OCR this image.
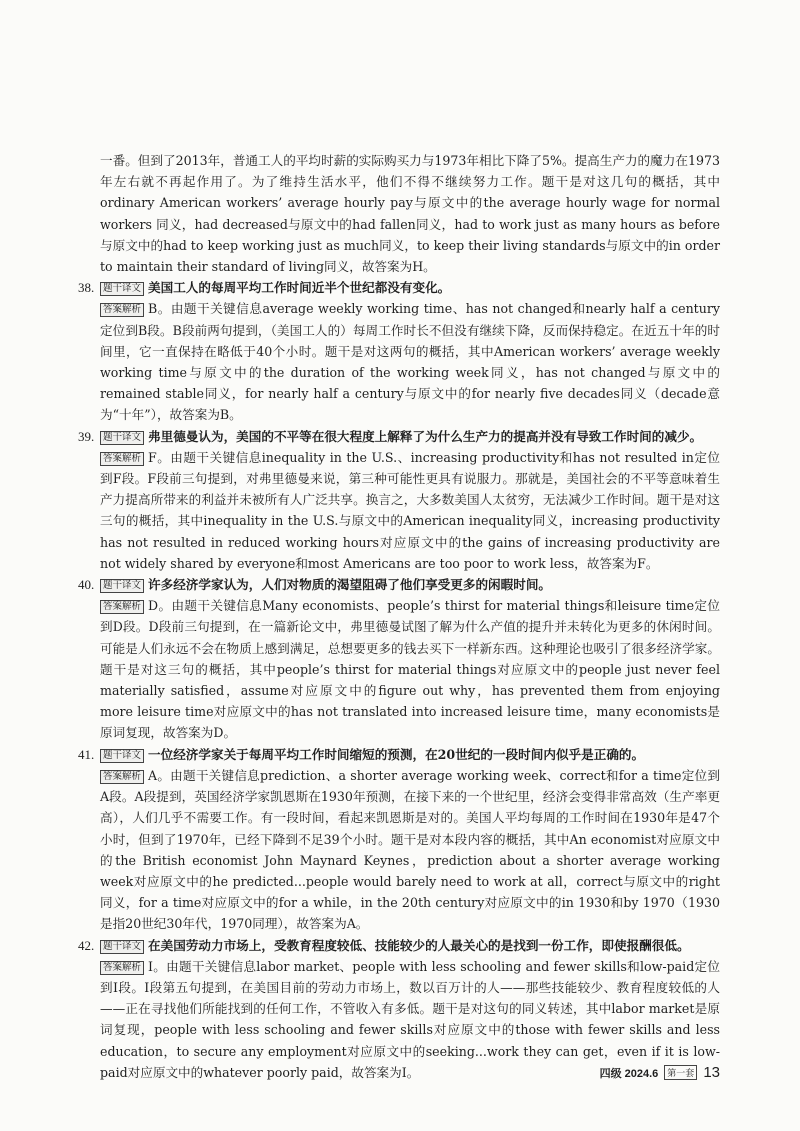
一番。但到了2013年，普通工人的平均时薪的实际购买力与1973年相比下降了5%。提高生产力的魔力在1973年左右就不再起作用了。为了维持生活水平，他们不得不继续努力工作。题干是对这几句的概括，其中ordinary American workers’ average hourly pay与原文中的the average hourly wage for normal workers 同义，had decreased与原文中的had fallen同义，had to work just as many hours as before与原文中的had to keep working just as much同义，to keep their living standards与原文中的in order to maintain their standard of living同义，故答案为H。

38. 题干译文 美国工人的每周平均工作时间近半个世纪都没有变化。

答案解析 B。由题干关键信息average weekly working time、has not changed和nearly half a century定位到B段。B段前两句提到，（美国工人的）每周工作时长不但没有继续下降，反而保持稳定。在近五十年的时间里，它一直保持在略低于40个小时。题干是对这两句的概括，其中American workers’ average weekly working time与原文中的the duration of the working week同义，has not changed与原文中的remained stable同义，for nearly half a century与原文中的for nearly five decades同义（decade意为“十年”），故答案为B。

39. 题干译文 弗里德曼认为，美国的不平等在很大程度上解释了为什么生产力的提高并没有导致工作时间的减少。

答案解析 F。由题干关键信息inequality in the U.S.、increasing productivity和has not resulted in定位到F段。F段前三句提到，对弗里德曼来说，第三种可能性更具有说服力。那就是，美国社会的不平等意味着生产力提高所带来的利益并未被所有人广泛共享。换言之，大多数美国人太贫穷，无法减少工作时间。题干是对这三句的概括，其中inequality in the U.S.与原文中的American inequality同义，increasing productivity has not resulted in reduced working hours对应原文中的the gains of increasing productivity are not widely shared by everyone和most Americans are too poor to work less，故答案为F。

40. 题干译文 许多经济学家认为，人们对物质的渴望阻碍了他们享受更多的闲暇时间。

答案解析 D。由题干关键信息Many economists、people’s thirst for material things和leisure time定位到D段。D段前三句提到，在一篇新论文中，弗里德曼试图了解为什么产值的提升并未转化为更多的休闲时间。可能是人们永远不会在物质上感到满足，总想要更多的钱去买下一样新东西。这种理论也吸引了很多经济学家。题干是对这三句的概括，其中people’s thirst for material things对应原文中的people just never feel materially satisfied，assume对应原文中的figure out why，has prevented them from enjoying more leisure time对应原文中的has not translated into increased leisure time，many economists是原词复现，故答案为D。

41. 题干译文 一位经济学家关于每周平均工作时间缩短的预测，在20世纪的一段时间内似乎是正确的。

答案解析 A。由题干关键信息prediction、a shorter average working week、correct和for a time定位到A段。A段提到，英国经济学家凯恩斯在1930年预测，在接下来的一个世纪里，经济会变得非常高效（生产率更高），人们几乎不需要工作。有一段时间，看起来凯恩斯是对的。美国人平均每周的工作时间在1930年是47个小时，但到了1970年，已经下降到不足39个小时。题干是对本段内容的概括，其中An economist对应原文中的the British economist John Maynard Keynes，prediction about a shorter average working week对应原文中的he predicted...people would barely need to work at all，correct与原文中的right同义，for a time对应原文中的for a while，in the 20th century对应原文中的in 1930和by 1970（1930是指20世纪30年代，1970同理），故答案为A。

42. 题干译文 在美国劳动力市场上，受教育程度较低、技能较少的人最关心的是找到一份工作，即使报酬很低。

答案解析 I。由题干关键信息labor market、people with less schooling and fewer skills和low-paid定位到I段。I段第五句提到，在美国目前的劳动力市场上，数以百万计的人——那些技能较少、教育程度较低的人——正在寻找他们所能找到的任何工作，不管收入有多低。题干是对这句的同义转述，其中labor market是原词复现，people with less schooling and fewer skills对应原文中的those with fewer skills and less education，to secure any employment对应原文中的seeking...work they can get，even if it is low-paid对应原文中的whatever poorly paid，故答案为I。	四级 2024.6	第一套 13
